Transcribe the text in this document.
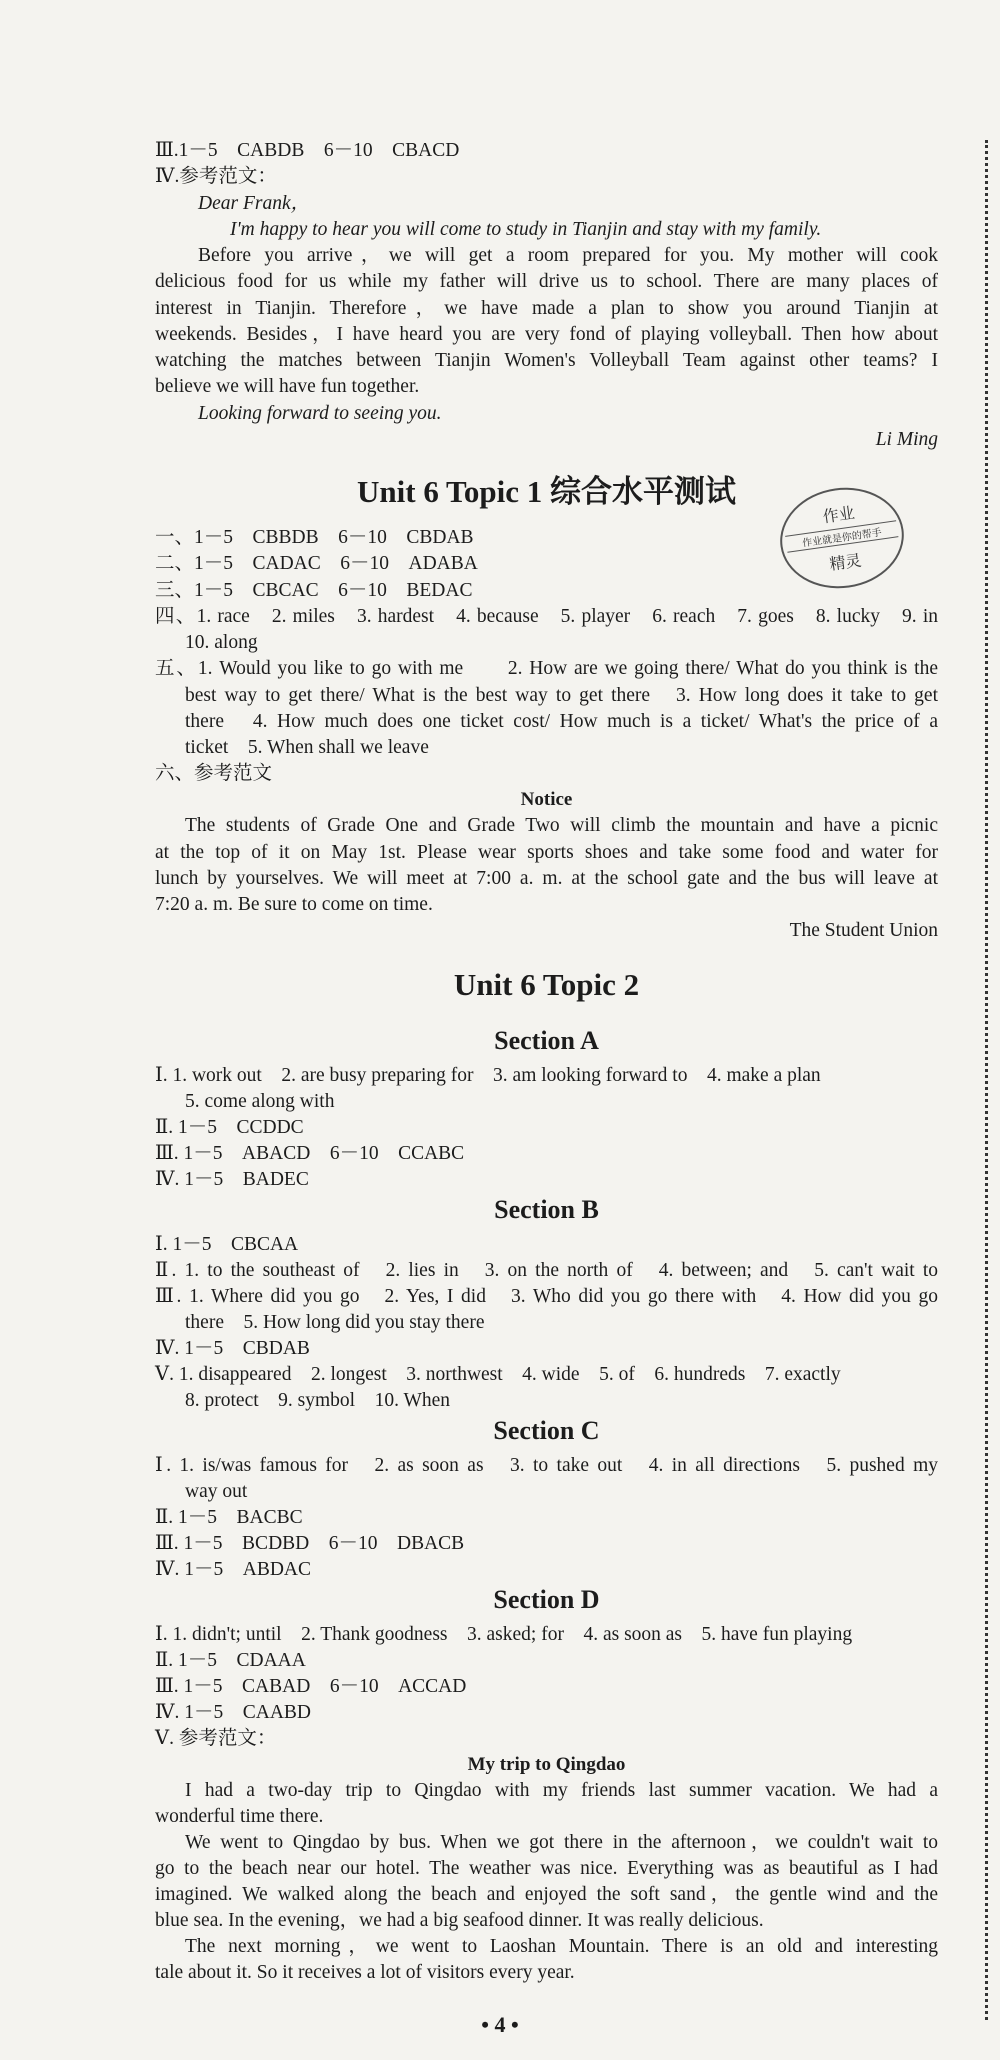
Ⅲ.1－5　CABDB　6－10　CBACD
Ⅳ.参考范文：
Dear Frank，
I'm happy to hear you will come to study in Tianjin and stay with my family.
Before you arrive，we will get a room prepared for you. My mother will cook
delicious food for us while my father will drive us to school. There are many places of
interest in Tianjin. Therefore，we have made a plan to show you around Tianjin at
weekends. Besides，I have heard you are very fond of playing volleyball. Then how about
watching the matches between Tianjin Women's Volleyball Team against other teams? I
believe we will have fun together.
Looking forward to seeing you.
Li Ming
Unit 6 Topic 1 综合水平测试
一、1－5　CBBDB　6－10　CBDAB
二、1－5　CADAC　6－10　ADABA
三、1－5　CBCAC　6－10　BEDAC
四、1. race　2. miles　3. hardest　4. because　5. player　6. reach　7. goes　8. lucky　9. in
10. along
五、1. Would you like to go with me　　2. How are we going there/ What do you think is the
best way to get there/ What is the best way to get there　3. How long does it take to get
there　4. How much does one ticket cost/ How much is a ticket/ What's the price of a
ticket　5. When shall we leave
六、参考范文
Notice
The students of Grade One and Grade Two will climb the mountain and have a picnic
at the top of it on May 1st. Please wear sports shoes and take some food and water for
lunch by yourselves. We will meet at 7:00 a. m. at the school gate and the bus will leave at
7:20 a. m. Be sure to come on time.
The Student Union
Unit 6 Topic 2
Section A
Ⅰ. 1. work out　2. are busy preparing for　3. am looking forward to　4. make a plan
5. come along with
Ⅱ. 1－5　CCDDC
Ⅲ. 1－5　ABACD　6－10　CCABC
Ⅳ. 1－5　BADEC
Section B
Ⅰ. 1－5　CBCAA
Ⅱ. 1. to the southeast of　2. lies in　3. on the north of　4. between; and　5. can't wait to
Ⅲ. 1. Where did you go　2. Yes, I did　3. Who did you go there with　4. How did you go
there　5. How long did you stay there
Ⅳ. 1－5　CBDAB
Ⅴ. 1. disappeared　2. longest　3. northwest　4. wide　5. of　6. hundreds　7. exactly
8. protect　9. symbol　10. When
Section C
Ⅰ. 1. is/was famous for　2. as soon as　3. to take out　4. in all directions　5. pushed my
way out
Ⅱ. 1－5　BACBC
Ⅲ. 1－5　BCDBD　6－10　DBACB
Ⅳ. 1－5　ABDAC
Section D
Ⅰ. 1. didn't; until　2. Thank goodness　3. asked; for　4. as soon as　5. have fun playing
Ⅱ. 1－5　CDAAA
Ⅲ. 1－5　CABAD　6－10　ACCAD
Ⅳ. 1－5　CAABD
Ⅴ. 参考范文：
My trip to Qingdao
I had a two-day trip to Qingdao with my friends last summer vacation. We had a
wonderful time there.
We went to Qingdao by bus. When we got there in the afternoon，we couldn't wait to
go to the beach near our hotel. The weather was nice. Everything was as beautiful as I had
imagined. We walked along the beach and enjoyed the soft sand，the gentle wind and the
blue sea. In the evening，we had a big seafood dinner. It was really delicious.
The next morning，we went to Laoshan Mountain. There is an old and interesting
tale about it. So it receives a lot of visitors every year.
作业
作业就是你的帮手
精灵
• 4 •
